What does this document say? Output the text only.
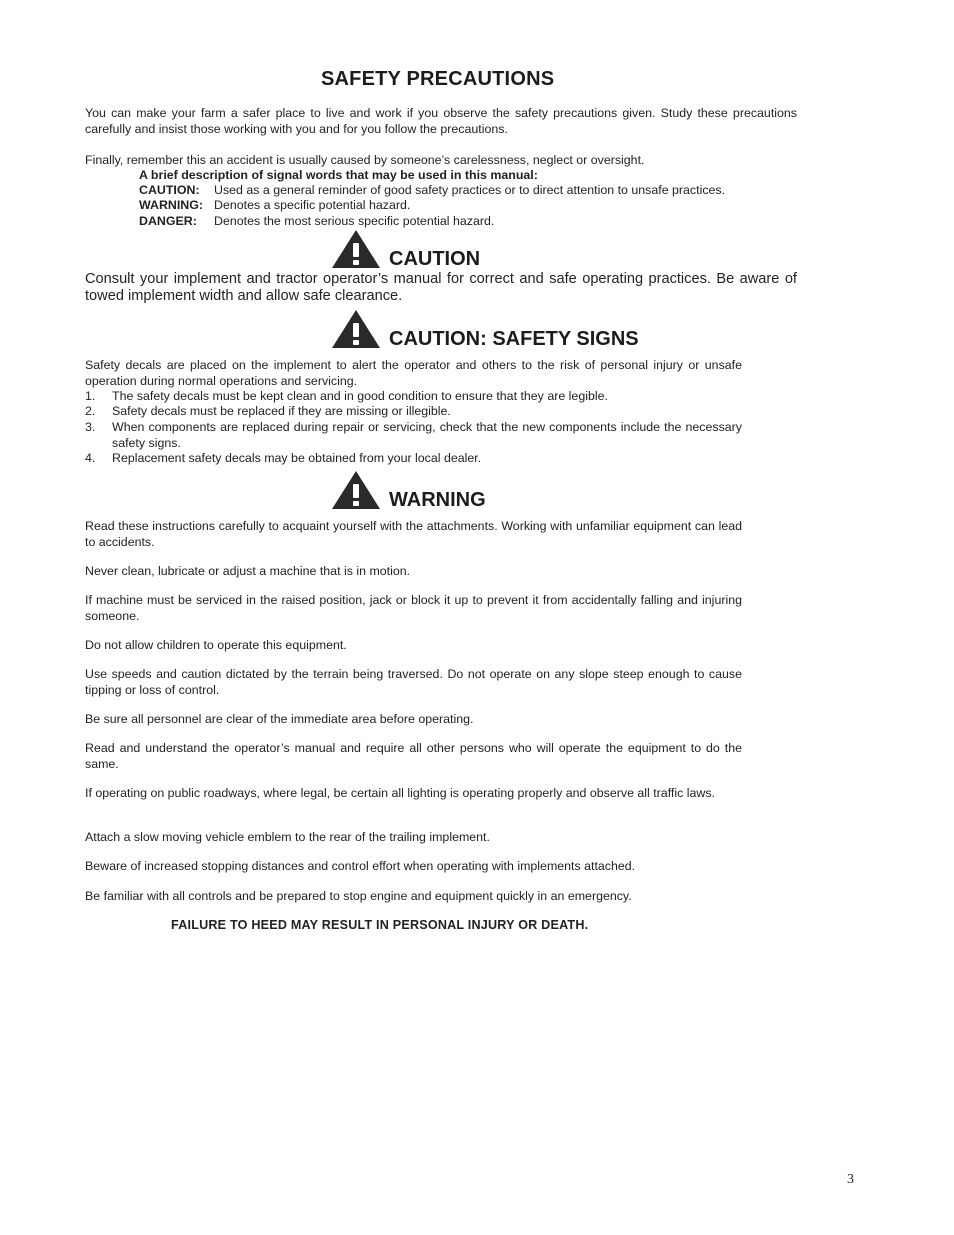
SAFETY PRECAUTIONS
You can make your farm a safer place to live and work if you observe the safety precautions given. Study these precautions carefully and insist those working with you and for you follow the precautions.
Finally, remember this an accident is usually caused by someone’s carelessness, neglect or oversight.
A brief description of signal words that may be used in this manual:
CAUTION: Used as a general reminder of good safety practices or to direct attention to unsafe practices.
WARNING: Denotes a specific potential hazard.
DANGER: Denotes the most serious specific potential hazard.
CAUTION
Consult your implement and tractor operator’s manual for correct and safe operating practices. Be aware of towed implement width and allow safe clearance.
CAUTION: SAFETY SIGNS
Safety decals are placed on the implement to alert the operator and others to the risk of personal injury or unsafe operation during normal operations and servicing.
1.	The safety decals must be kept clean and in good condition to ensure that they are legible.
2.	Safety decals must be replaced if they are missing or illegible.
3.	When components are replaced during repair or servicing, check that the new components include the necessary safety signs.
4.	Replacement safety decals may be obtained from your local dealer.
WARNING
Read these instructions carefully to acquaint yourself with the attachments. Working with unfamiliar equipment can lead to accidents.
Never clean, lubricate or adjust a machine that is in motion.
If machine must be serviced in the raised position, jack or block it up to prevent it from accidentally falling and injuring someone.
Do not allow children to operate this equipment.
Use speeds and caution dictated by the terrain being traversed. Do not operate on any slope steep enough to cause tipping or loss of control.
Be sure all personnel are clear of the immediate area before operating.
Read and understand the operator’s manual and require all other persons who will operate the equipment to do the same.
If operating on public roadways, where legal, be certain all lighting is operating properly and observe all traffic laws.
Attach a slow moving vehicle emblem to the rear of the trailing implement.
Beware of increased stopping distances and control effort when operating with implements attached.
Be familiar with all controls and be prepared to stop engine and equipment quickly in an emergency.
FAILURE TO HEED MAY RESULT IN PERSONAL INJURY OR DEATH.
3
